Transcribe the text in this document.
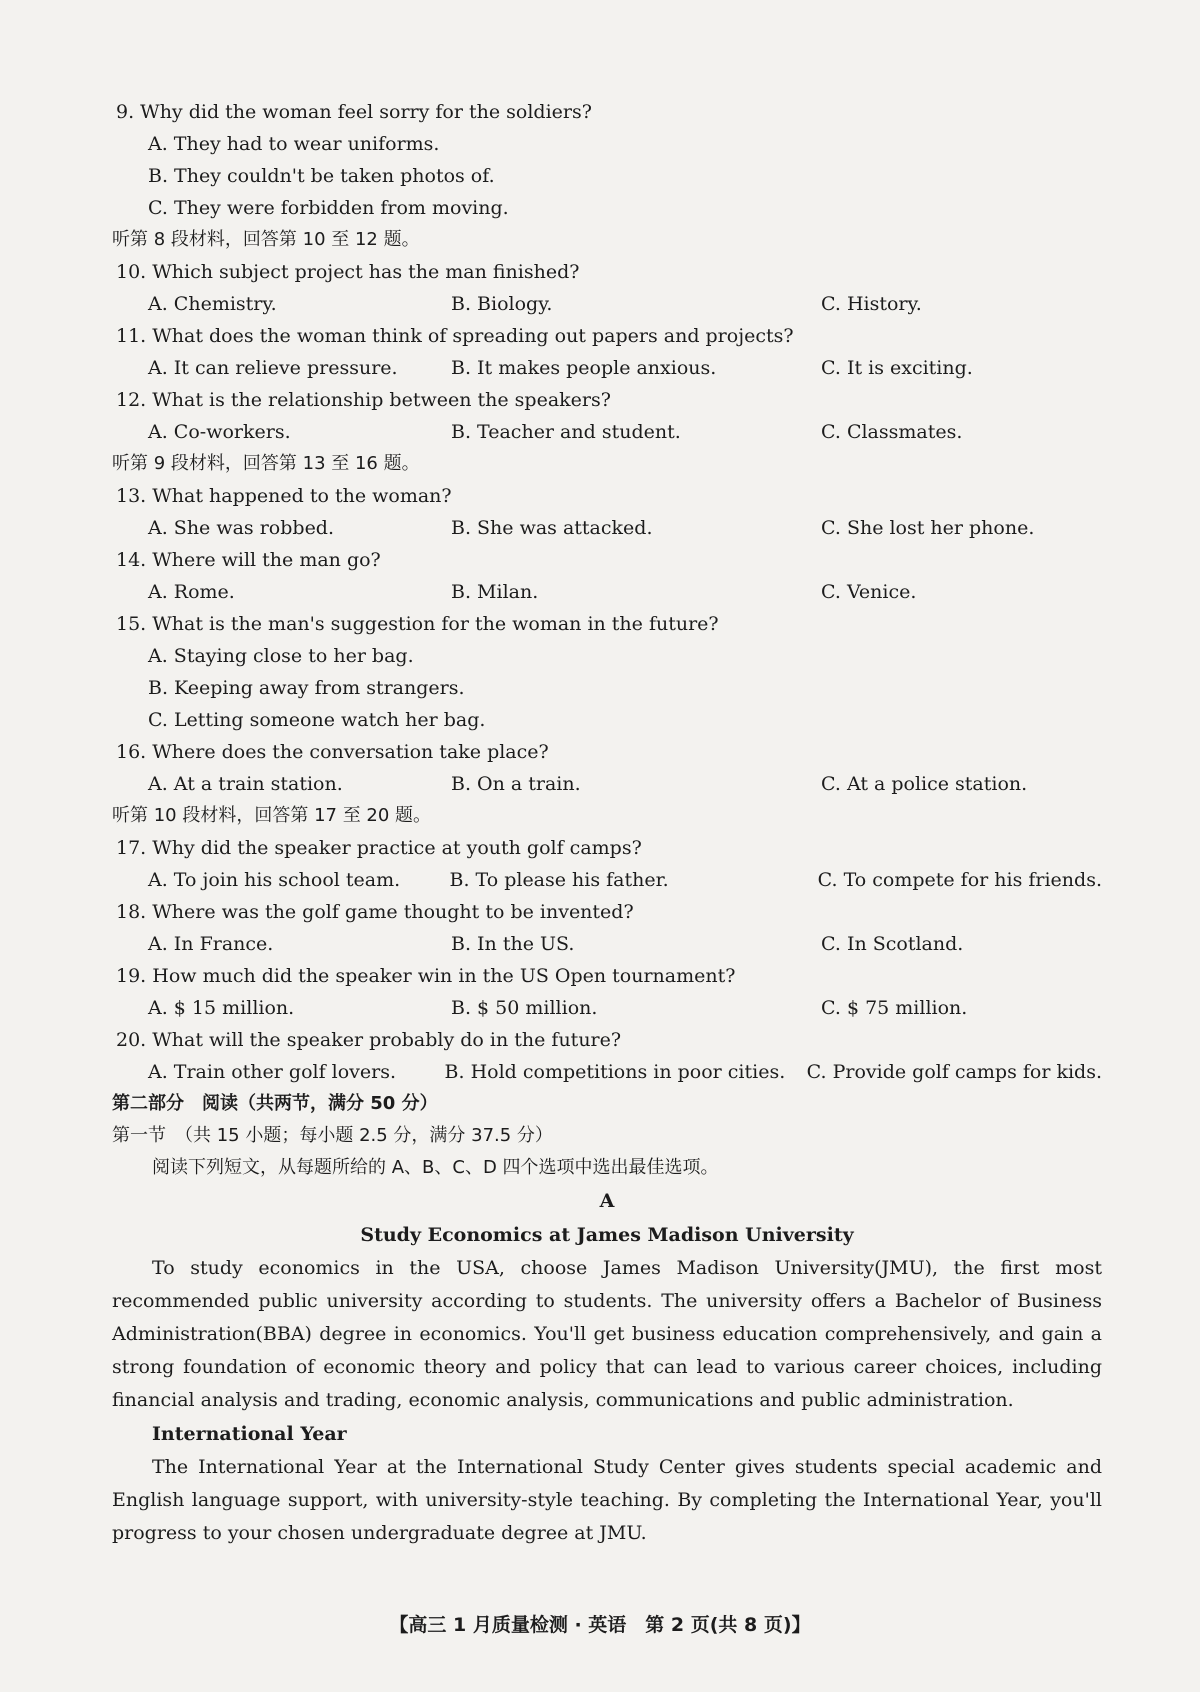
9. Why did the woman feel sorry for the soldiers?
A. They had to wear uniforms.
B. They couldn't be taken photos of.
C. They were forbidden from moving.
听第 8 段材料，回答第 10 至 12 题。
10. Which subject project has the man finished?
A. Chemistry.	B. Biology.	C. History.
11. What does the woman think of spreading out papers and projects?
A. It can relieve pressure.	B. It makes people anxious.	C. It is exciting.
12. What is the relationship between the speakers?
A. Co-workers.	B. Teacher and student.	C. Classmates.
听第 9 段材料，回答第 13 至 16 题。
13. What happened to the woman?
A. She was robbed.	B. She was attacked.	C. She lost her phone.
14. Where will the man go?
A. Rome.	B. Milan.	C. Venice.
15. What is the man's suggestion for the woman in the future?
A. Staying close to her bag.
B. Keeping away from strangers.
C. Letting someone watch her bag.
16. Where does the conversation take place?
A. At a train station.	B. On a train.	C. At a police station.
听第 10 段材料，回答第 17 至 20 题。
17. Why did the speaker practice at youth golf camps?
A. To join his school team.	B. To please his father.	C. To compete for his friends.
18. Where was the golf game thought to be invented?
A. In France.	B. In the US.	C. In Scotland.
19. How much did the speaker win in the US Open tournament?
A. $ 15 million.	B. $ 50 million.	C. $ 75 million.
20. What will the speaker probably do in the future?
A. Train other golf lovers.	B. Hold competitions in poor cities.	C. Provide golf camps for kids.
第二部分　阅读（共两节，满分 50 分）
第一节　（共 15 小题；每小题 2.5 分，满分 37.5 分）
阅读下列短文，从每题所给的 A、B、C、D 四个选项中选出最佳选项。
A
Study Economics at James Madison University

To study economics in the USA, choose James Madison University(JMU), the first most recommended public university according to students. The university offers a Bachelor of Business Administration(BBA) degree in economics. You'll get business education comprehensively, and gain a strong foundation of economic theory and policy that can lead to various career choices, including financial analysis and trading, economic analysis, communications and public administration.

International Year

The International Year at the International Study Center gives students special academic and English language support, with university-style teaching. By completing the International Year, you'll progress to your chosen undergraduate degree at JMU.

【高三 1 月质量检测 · 英语　第 2 页(共 8 页)】
